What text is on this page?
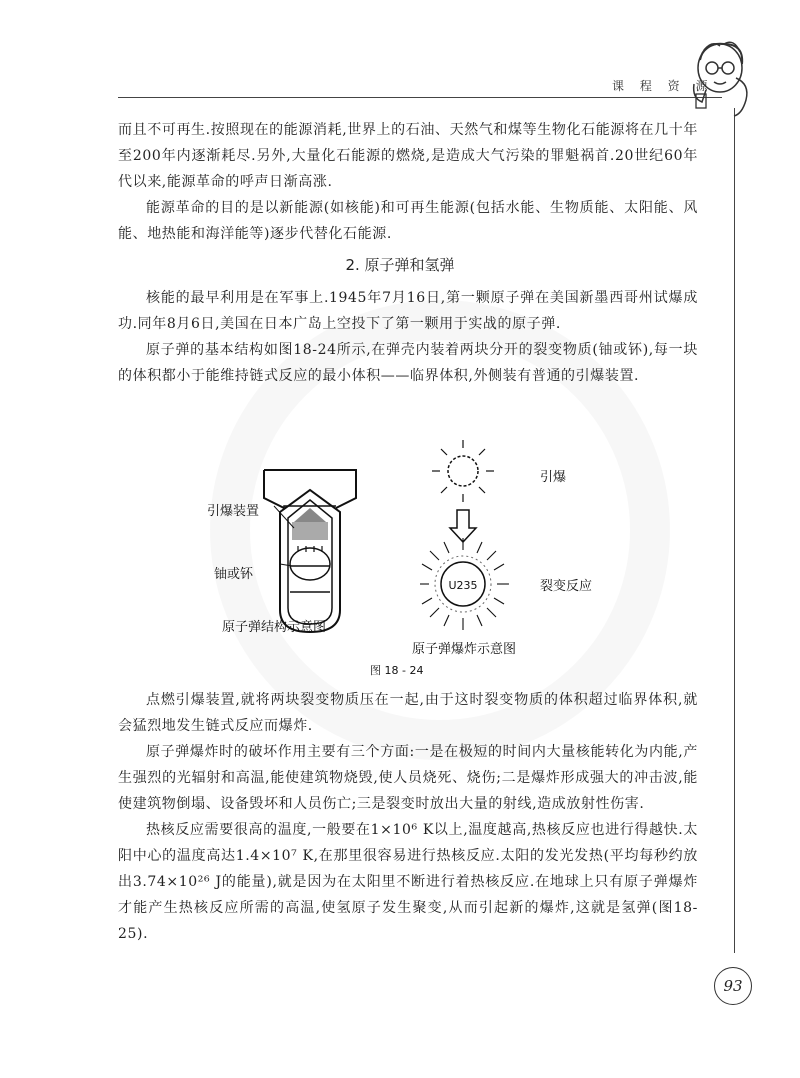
课 程 资 源

而且不可再生.按照现在的能源消耗,世界上的石油、天然气和煤等生物化石能源将在几十年至200年内逐渐耗尽.另外,大量化石能源的燃烧,是造成大气污染的罪魁祸首.20世纪60年代以来,能源革命的呼声日渐高涨.

能源革命的目的是以新能源(如核能)和可再生能源(包括水能、生物质能、太阳能、风能、地热能和海洋能等)逐步代替化石能源.

2. 原子弹和氢弹

核能的最早利用是在军事上.1945年7月16日,第一颗原子弹在美国新墨西哥州试爆成功.同年8月6日,美国在日本广岛上空投下了第一颗用于实战的原子弹.

原子弹的基本结构如图18-24所示,在弹壳内装着两块分开的裂变物质(铀或钚),每一块的体积都小于能维持链式反应的最小体积——临界体积,外侧装有普通的引爆装置.

引爆装置
铀或钚
原子弹结构示意图
U235
引爆
裂变反应
原子弹爆炸示意图
图 18 - 24

点燃引爆装置,就将两块裂变物质压在一起,由于这时裂变物质的体积超过临界体积,就会猛烈地发生链式反应而爆炸.

原子弹爆炸时的破坏作用主要有三个方面:一是在极短的时间内大量核能转化为内能,产生强烈的光辐射和高温,能使建筑物烧毁,使人员烧死、烧伤;二是爆炸形成强大的冲击波,能使建筑物倒塌、设备毁坏和人员伤亡;三是裂变时放出大量的射线,造成放射性伤害.

热核反应需要很高的温度,一般要在1×10⁶ K以上,温度越高,热核反应也进行得越快.太阳中心的温度高达1.4×10⁷ K,在那里很容易进行热核反应.太阳的发光发热(平均每秒约放出3.74×10²⁶ J的能量),就是因为在太阳里不断进行着热核反应.在地球上只有原子弹爆炸才能产生热核反应所需的高温,使氢原子发生聚变,从而引起新的爆炸,这就是氢弹(图18-25).

93
